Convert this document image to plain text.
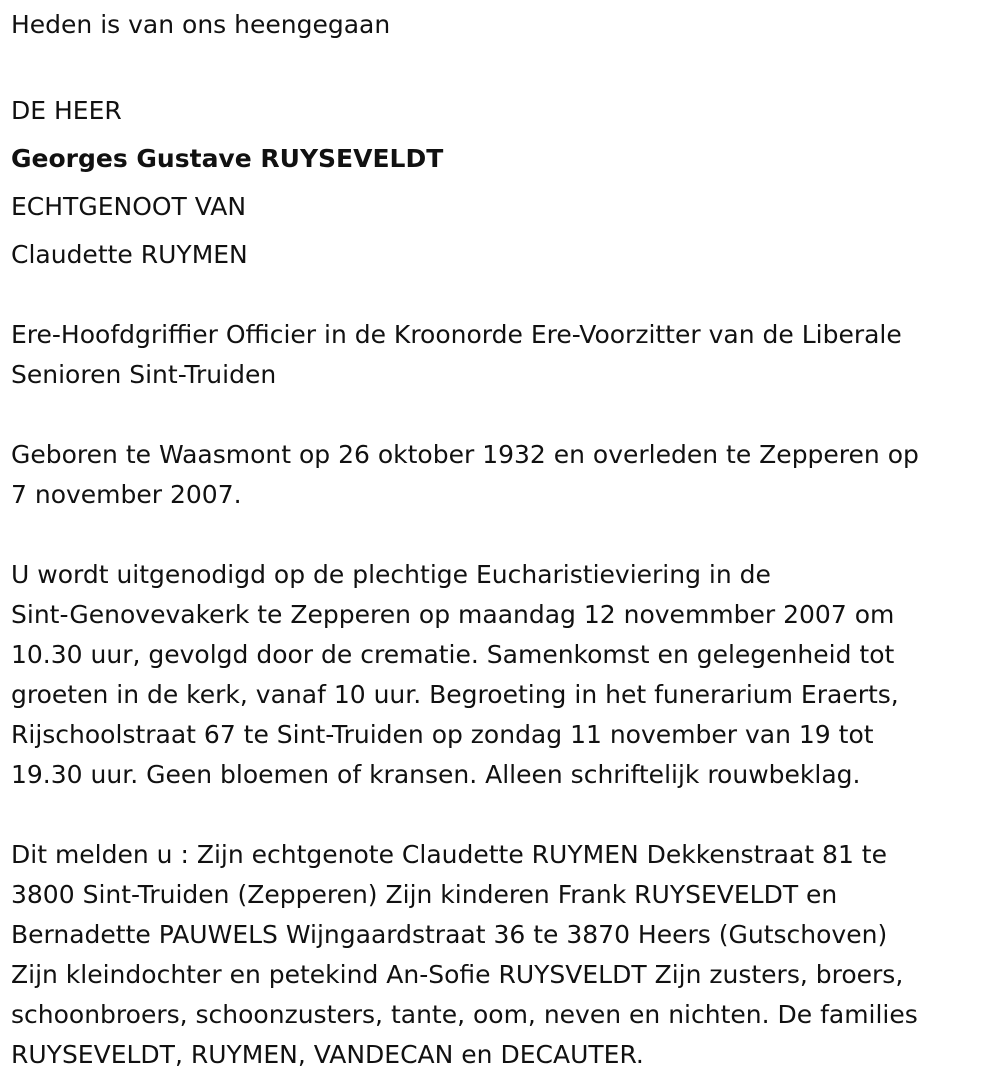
Heden is van ons heengegaan

DE HEER

Georges Gustave RUYSEVELDT

ECHTGENOOT VAN

Claudette RUYMEN

Ere-Hoofdgriffier Officier in de Kroonorde Ere-Voorzitter van de Liberale
Senioren Sint-Truiden

Geboren te Waasmont op 26 oktober 1932 en overleden te Zepperen op
7 november 2007.

U wordt uitgenodigd op de plechtige Eucharistieviering in de
Sint-Genovevakerk te Zepperen op maandag 12 novemmber 2007 om
10.30 uur, gevolgd door de crematie. Samenkomst en gelegenheid tot
groeten in de kerk, vanaf 10 uur. Begroeting in het funerarium Eraerts,
Rijschoolstraat 67 te Sint-Truiden op zondag 11 november van 19 tot
19.30 uur. Geen bloemen of kransen. Alleen schriftelijk rouwbeklag.

Dit melden u : Zijn echtgenote Claudette RUYMEN Dekkenstraat 81 te
3800 Sint-Truiden (Zepperen) Zijn kinderen Frank RUYSEVELDT en
Bernadette PAUWELS Wijngaardstraat 36 te 3870 Heers (Gutschoven)
Zijn kleindochter en petekind An-Sofie RUYSVELDT Zijn zusters, broers,
schoonbroers, schoonzusters, tante, oom, neven en nichten. De families
RUYSEVELDT, RUYMEN, VANDECAN en DECAUTER.
